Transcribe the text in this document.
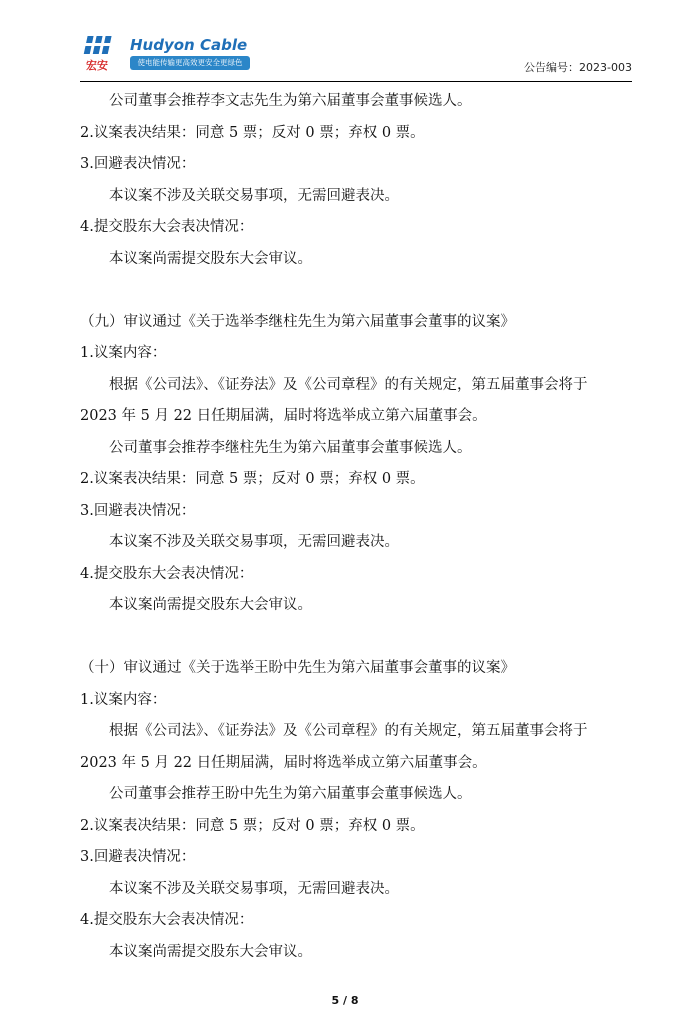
宏安
Hudyon Cable
使电能传输更高效更安全更绿色	公告编号：2023-003
公司董事会推荐李文志先生为第六届董事会董事候选人。
2.议案表决结果：同意 5 票；反对 0 票；弃权 0 票。
3.回避表决情况：
本议案不涉及关联交易事项，无需回避表决。
4.提交股东大会表决情况：
本议案尚需提交股东大会审议。
（九）审议通过《关于选举李继柱先生为第六届董事会董事的议案》
1.议案内容：
根据《公司法》、《证券法》及《公司章程》的有关规定，第五届董事会将于
2023 年 5 月 22 日任期届满，届时将选举成立第六届董事会。
公司董事会推荐李继柱先生为第六届董事会董事候选人。
2.议案表决结果：同意 5 票；反对 0 票；弃权 0 票。
3.回避表决情况：
本议案不涉及关联交易事项，无需回避表决。
4.提交股东大会表决情况：
本议案尚需提交股东大会审议。
（十）审议通过《关于选举王盼中先生为第六届董事会董事的议案》
1.议案内容：
根据《公司法》、《证券法》及《公司章程》的有关规定，第五届董事会将于
2023 年 5 月 22 日任期届满，届时将选举成立第六届董事会。
公司董事会推荐王盼中先生为第六届董事会董事候选人。
2.议案表决结果：同意 5 票；反对 0 票；弃权 0 票。
3.回避表决情况：
本议案不涉及关联交易事项，无需回避表决。
4.提交股东大会表决情况：
本议案尚需提交股东大会审议。
5 / 8
